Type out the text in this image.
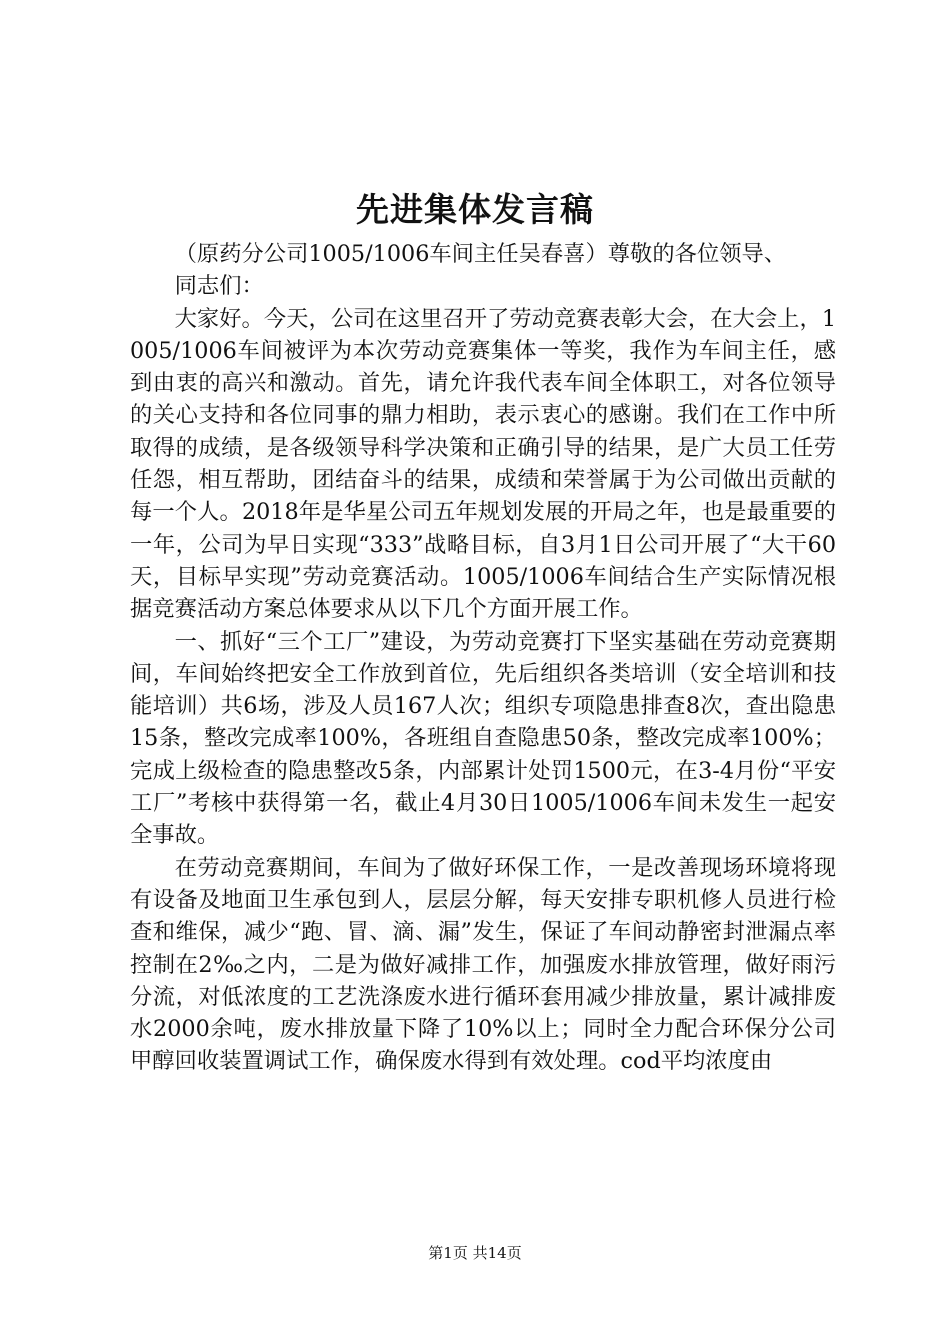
先进集体发言稿

（原药分公司1005/1006车间主任吴春喜）尊敬的各位领导、

同志们：

大家好。今天，公司在这里召开了劳动竞赛表彰大会，在大会上，1005/1006车间被评为本次劳动竞赛集体一等奖，我作为车间主任，感到由衷的高兴和激动。首先，请允许我代表车间全体职工，对各位领导的关心支持和各位同事的鼎力相助，表示衷心的感谢。我们在工作中所取得的成绩，是各级领导科学决策和正确引导的结果，是广大员工任劳任怨，相互帮助，团结奋斗的结果，成绩和荣誉属于为公司做出贡献的每一个人。2018年是华星公司五年规划发展的开局之年，也是最重要的一年，公司为早日实现“333”战略目标，自3月1日公司开展了“大干60天，目标早实现”劳动竞赛活动。1005/1006车间结合生产实际情况根据竞赛活动方案总体要求从以下几个方面开展工作。

一、抓好“三个工厂”建设，为劳动竞赛打下坚实基础在劳动竞赛期间，车间始终把安全工作放到首位，先后组织各类培训（安全培训和技能培训）共6场，涉及人员167人次；组织专项隐患排查8次，查出隐患15条，整改完成率100%，各班组自查隐患50条，整改完成率100%；完成上级检查的隐患整改5条，内部累计处罚1500元，在3-4月份“平安工厂”考核中获得第一名，截止4月30日1005/1006车间未发生一起安全事故。

在劳动竞赛期间，车间为了做好环保工作，一是改善现场环境将现有设备及地面卫生承包到人，层层分解，每天安排专职机修人员进行检查和维保，减少“跑、冒、滴、漏”发生，保证了车间动静密封泄漏点率控制在2‰之内，二是为做好减排工作，加强废水排放管理，做好雨污分流，对低浓度的工艺洗涤废水进行循环套用减少排放量，累计减排废水2000余吨，废水排放量下降了10%以上；同时全力配合环保分公司甲醇回收装置调试工作，确保废水得到有效处理。cod平均浓度由

第1页 共14页
